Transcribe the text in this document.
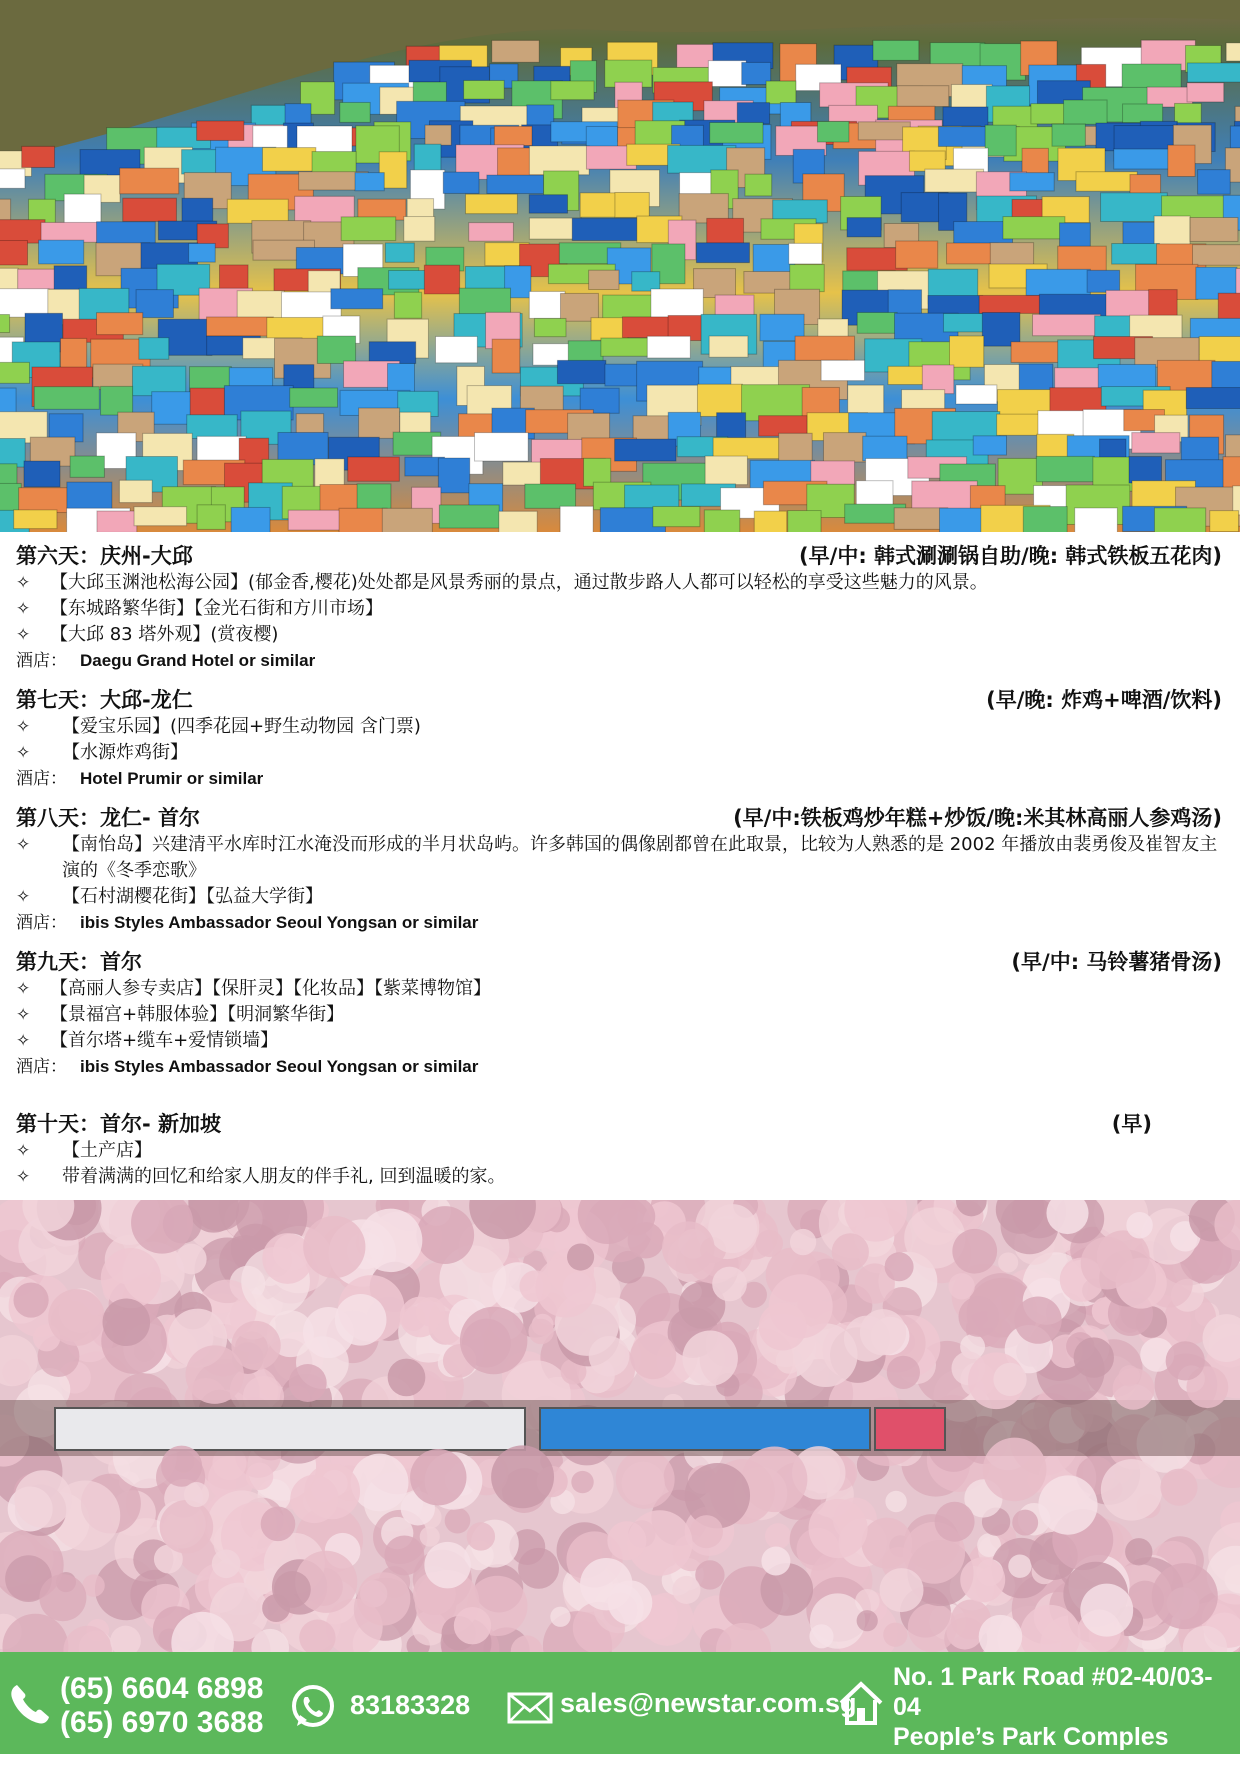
第六天：庆州-大邱	(早/中: 韩式涮涮锅自助/晚: 韩式铁板五花肉)
✧	【大邱玉渊池松海公园】(郁金香,樱花)处处都是风景秀丽的景点，通过散步路人人都可以轻松的享受这些魅力的风景。
✧	【东城路繁华街】【金光石街和方川市场】
✧	【大邱 83 塔外观】(赏夜樱)
酒店： Daegu Grand Hotel or similar
第七天：大邱-龙仁	(早/晚: 炸鸡+啤酒/饮料)
✧	【爱宝乐园】(四季花园+野生动物园 含门票)
✧	【水源炸鸡街】
酒店： Hotel Prumir or similar
第八天：龙仁- 首尔	(早/中:铁板鸡炒年糕+炒饭/晚:米其林高丽人参鸡汤)
✧	【南怡岛】兴建清平水库时江水淹没而形成的半月状岛屿。许多韩国的偶像剧都曾在此取景，比较为人熟悉的是 2002 年播放由裴勇俊及崔智友主演的《冬季恋歌》
✧	【石村湖樱花街】【弘益大学街】
酒店： ibis Styles Ambassador Seoul Yongsan or similar
第九天：首尔	(早/中: 马铃薯猪骨汤)
✧	【高丽人参专卖店】【保肝灵】【化妆品】【紫菜博物馆】
✧	【景福宫+韩服体验】【明洞繁华街】
✧	【首尔塔+缆车+爱情锁墙】
酒店： ibis Styles Ambassador Seoul Yongsan or similar
第十天：首尔- 新加坡	(早)
✧	【土产店】
✧	带着满满的回忆和给家人朋友的伴手礼, 回到温暖的家。
(65) 6604 6898
(65) 6970 3688
83183328	sales@newstar.com.sg
No. 1 Park Road #02-40/03-04
People’s Park Comples
S059108
